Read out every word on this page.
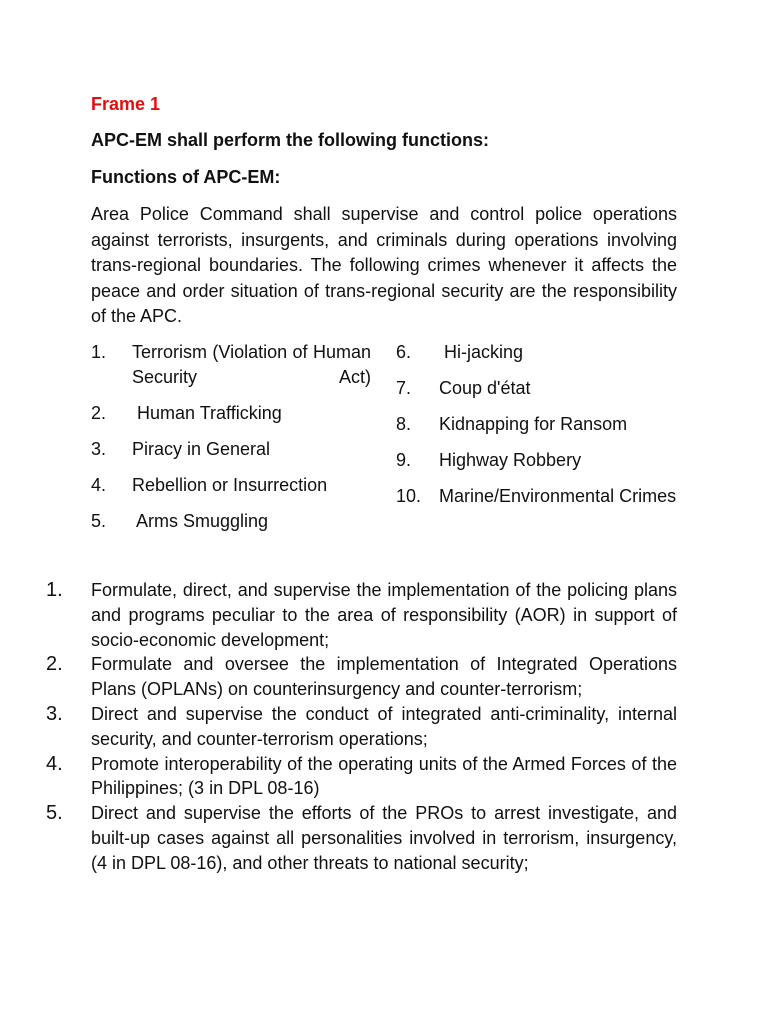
Frame 1
APC-EM shall perform the following functions:
Functions of APC-EM:

Area Police Command shall supervise and control police operations against terrorists, insurgents, and criminals during operations involving trans-regional boundaries. The following crimes whenever it affects the peace and order situation of trans-regional security are the responsibility of the APC.

1.	Terrorism (Violation of Human Security Act)
2.	Human Trafficking
3.	Piracy in General
4.	Rebellion or Insurrection
5.	Arms Smuggling
6.	Hi-jacking
7.	Coup d'état
8.	Kidnapping for Ransom
9.	Highway Robbery
10. Marine/Environmental Crimes
1.	Formulate, direct, and supervise the implementation of the policing plans and programs peculiar to the area of responsibility (AOR) in support of socio-economic development;
2.	Formulate and oversee the implementation of Integrated Operations Plans (OPLANs) on counterinsurgency and counter-terrorism;
3.	Direct and supervise the conduct of integrated anti-criminality, internal security, and counter-terrorism operations;
4.	Promote interoperability of the operating units of the Armed Forces of the Philippines; (3 in DPL 08-16)
5.	Direct and supervise the efforts of the PROs to arrest investigate, and built-up cases against all personalities involved in terrorism, insurgency, (4 in DPL 08-16), and other threats to national security;
